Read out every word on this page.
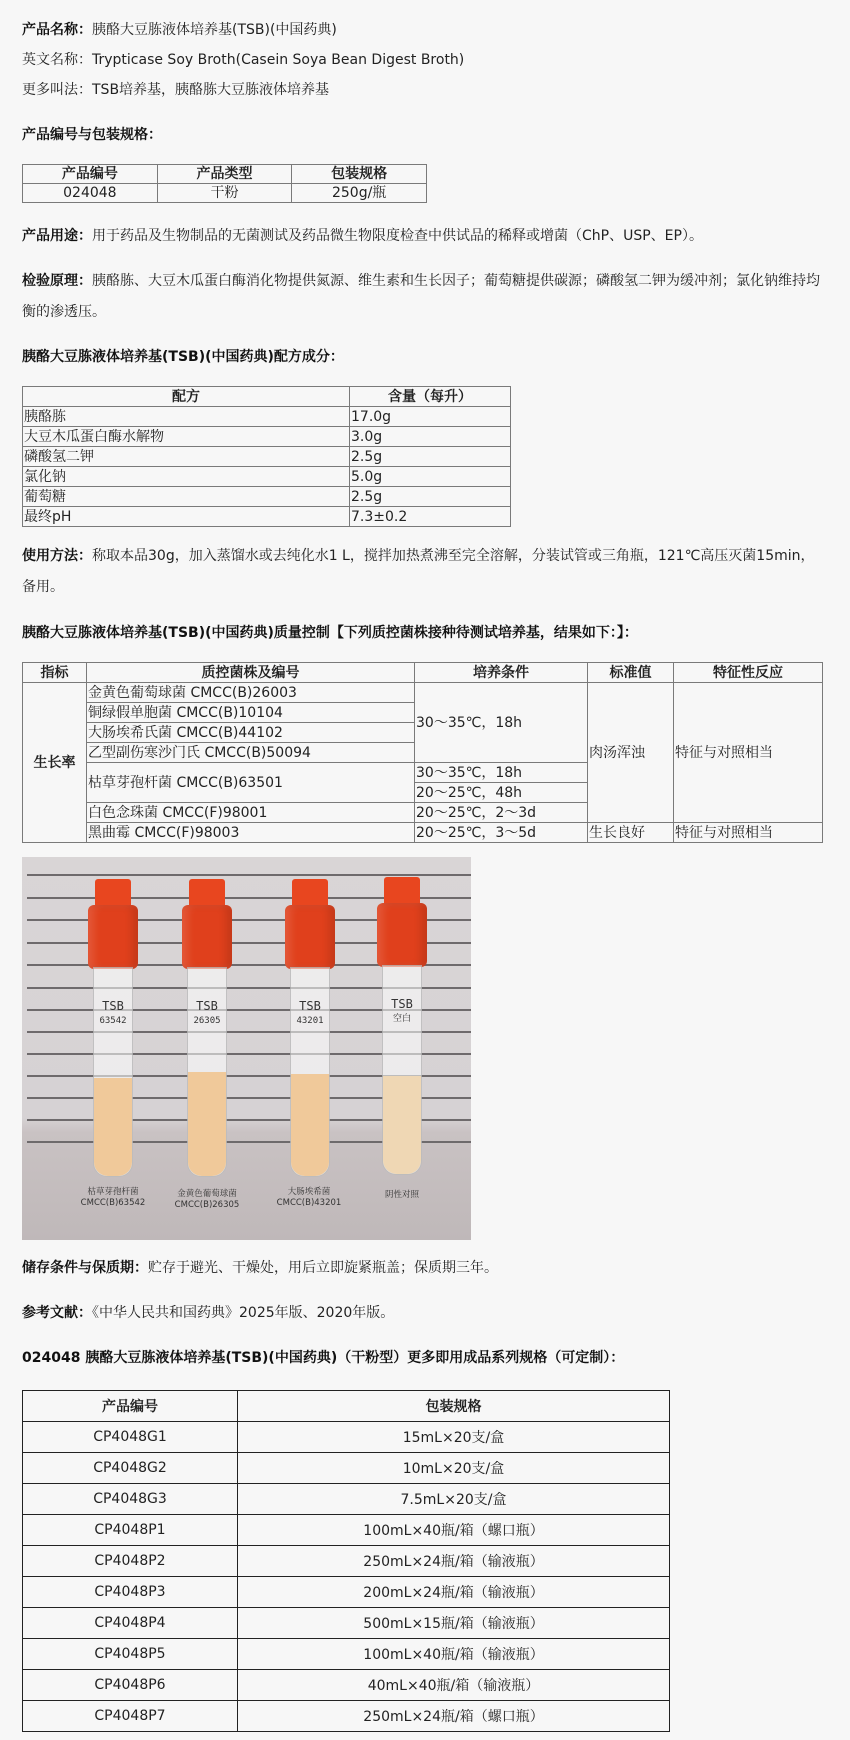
产品名称：胰酪大豆胨液体培养基(TSB)(中国药典)
英文名称：Trypticase Soy Broth(Casein Soya Bean Digest Broth)
更多叫法：TSB培养基，胰酪胨大豆胨液体培养基
产品编号与包装规格：
产品编号	产品类型	包装规格
024048	干粉	250g/瓶
产品用途：用于药品及生物制品的无菌测试及药品微生物限度检查中供试品的稀释或增菌（ChP、USP、EP）。
检验原理：胰酪胨、大豆木瓜蛋白酶消化物提供氮源、维生素和生长因子；葡萄糖提供碳源；磷酸氢二钾为缓冲剂；氯化钠维持均衡的渗透压。
胰酪大豆胨液体培养基(TSB)(中国药典)配方成分：
配方	含量（每升）
胰酪胨	17.0g
大豆木瓜蛋白酶水解物	3.0g
磷酸氢二钾	2.5g
氯化钠	5.0g
葡萄糖	2.5g
最终pH	7.3±0.2
使用方法：称取本品30g，加入蒸馏水或去纯化水1 L，搅拌加热煮沸至完全溶解，分装试管或三角瓶，121℃高压灭菌15min，备用。
胰酪大豆胨液体培养基(TSB)(中国药典)质量控制【下列质控菌株接种待测试培养基，结果如下：】：
指标	质控菌株及编号	培养条件	标准值	特征性反应
生长率	金黄色葡萄球菌 CMCC(B)26003	30～35℃，18h	肉汤浑浊	特征与对照相当
	铜绿假单胞菌 CMCC(B)10104			
	大肠埃希氏菌 CMCC(B)44102			
	乙型副伤寒沙门氏 CMCC(B)50094			
	枯草芽孢杆菌 CMCC(B)63501	30～35℃，18h		
		20～25℃，48h		
	白色念珠菌 CMCC(F)98001	20～25℃，2～3d		
	黑曲霉 CMCC(F)98003	20～25℃，3～5d	生长良好	特征与对照相当
TSB
63542
TSB
26305
TSB
43201
TSB
空白
枯草芽孢杆菌
CMCC(B)63542
金黄色葡萄球菌
CMCC(B)26305
大肠埃希菌
CMCC(B)43201
阴性对照
储存条件与保质期：贮存于避光、干燥处，用后立即旋紧瓶盖；保质期三年。
参考文献：《中华人民共和国药典》2025年版、2020年版。
024048 胰酪大豆胨液体培养基(TSB)(中国药典)（干粉型）更多即用成品系列规格（可定制）：
产品编号	包装规格
CP4048G1	15mL×20支/盒
CP4048G2	10mL×20支/盒
CP4048G3	7.5mL×20支/盒
CP4048P1	100mL×40瓶/箱（螺口瓶）
CP4048P2	250mL×24瓶/箱（输液瓶）
CP4048P3	200mL×24瓶/箱（输液瓶）
CP4048P4	500mL×15瓶/箱（输液瓶）
CP4048P5	100mL×40瓶/箱（输液瓶）
CP4048P6	40mL×40瓶/箱（输液瓶）
CP4048P7	250mL×24瓶/箱（螺口瓶）
